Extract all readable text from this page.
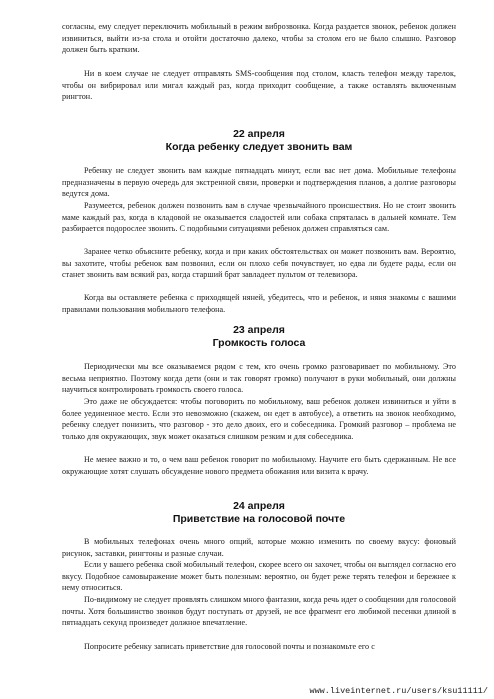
согласны, ему следует переключить мобильный в режим виброзвонка. Когда раздается звонок, ребенок должен извиниться, выйти из-за стола и отойти достаточно далеко, чтобы за столом его не было слышно. Разговор должен быть кратким.

Ни в коем случае не следует отправлять SMS-сообщения под столом, класть телефон между тарелок, чтобы он вибрировал или мигал каждый раз, когда приходит сообщение, а также оставлять включенным рингтон.

22 апреля
Когда ребенку следует звонить вам

Ребенку не следует звонить вам каждые пятнадцать минут, если вас нет дома. Мобильные телефоны предназначены в первую очередь для экстренной связи, проверки и подтверждения планов, а долгие разговоры ведутся дома.

Разумеется, ребенок должен позвонить вам в случае чрезвычайного происшествия. Но не стоит звонить маме каждый раз, когда в кладовой не оказывается сладостей или собака спряталась в дальней комнате. Тем разбирается подорослее звонить. С подобными ситуациями ребенок должен справляться сам.

Заранее четко объясните ребенку, когда и при каких обстоятельствах он может позвонить вам. Вероятно, вы захотите, чтобы ребенок вам позвонил, если он плохо себя почувствует, но едва ли будете рады, если он станет звонить вам всякий раз, когда старший брат завладеет пультом от телевизора.

Когда вы оставляете ребенка с приходящей няней, убедитесь, что и ребенок, и няня знакомы с вашими правилами пользования мобильного телефона.

23 апреля
Громкость голоса

Периодически мы все оказываемся рядом с тем, кто очень громко разговаривает по мобильному. Это весьма неприятно. Поэтому когда дети (они и так говорят громко) получают в руки мобильный, они должны научиться контролировать громкость своего голоса.

Это даже не обсуждается: чтобы поговорить по мобильному, ваш ребенок должен извиниться и уйти в более уединенное место. Если это невозможно (скажем, он едет в автобусе), а ответить на звонок необходимо, ребенку следует понизить, что разговор - это дело двоих, его и собеседника. Громкий разговор – проблема не только для окружающих, звук может оказаться слишком резким и для собеседника.

Не менее важно и то, о чем ваш ребенок говорит по мобильному. Научите его быть сдержанным. Не все окружающие хотят слушать обсуждение нового предмета обожания или визита к врачу.

24 апреля
Приветствие на голосовой почте

В мобильных телефонах очень много опций, которые можно изменить по своему вкусу: фоновый рисунок, заставки, рингтоны и разные случаи.

Если у вашего ребенка свой мобильный телефон, скорее всего он захочет, чтобы он выглядел согласно его вкусу. Подобное самовыражение может быть полезным: вероятно, он будет реже терять телефон и бережнее к нему относиться.

По-видимому не следует проявлять слишком много фантазии, когда речь идет о сообщении для голосовой почты. Хотя большинство звонков будут поступать от друзей, не все фрагмент его любимой песенки длиной в пятнадцать секунд произведет должное впечатление.

Попросите ребенку записать приветствие для голосовой почты и познакомьте его с

www.liveinternet.ru/users/ksu11111/
